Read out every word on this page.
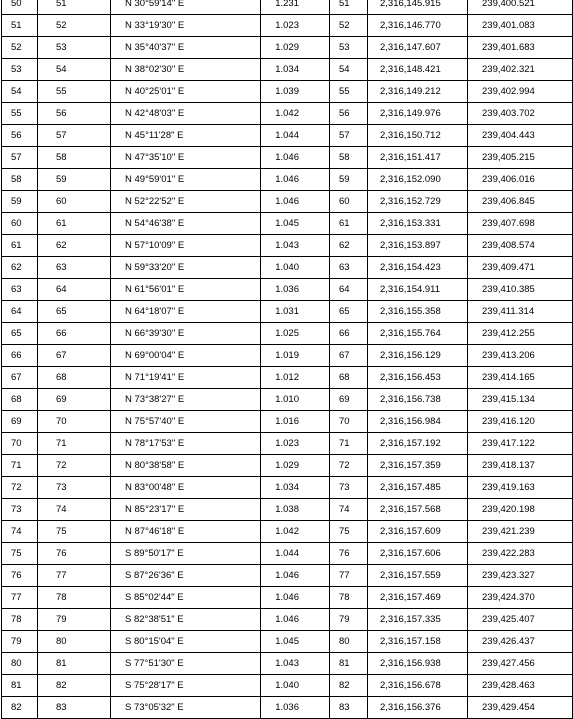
50	51	N 30°59'14" E	1.231	51	2,316,145.915	239,400.521
51	52	N 33°19'30" E	1.023	52	2,316,146.770	239,401.083
52	53	N 35°40'37" E	1.029	53	2,316,147.607	239,401.683
53	54	N 38°02'30" E	1.034	54	2,316,148.421	239,402.321
54	55	N 40°25'01" E	1.039	55	2,316,149.212	239,402.994
55	56	N 42°48'03" E	1.042	56	2,316,149.976	239,403.702
56	57	N 45°11'28" E	1.044	57	2,316,150.712	239,404.443
57	58	N 47°35'10" E	1.046	58	2,316,151.417	239,405.215
58	59	N 49°59'01" E	1.046	59	2,316,152.090	239,406.016
59	60	N 52°22'52" E	1.046	60	2,316,152.729	239,406.845
60	61	N 54°46'38" E	1.045	61	2,316,153.331	239,407.698
61	62	N 57°10'09" E	1.043	62	2,316,153.897	239,408.574
62	63	N 59°33'20" E	1.040	63	2,316,154.423	239,409.471
63	64	N 61°56'01" E	1.036	64	2,316,154.911	239,410.385
64	65	N 64°18'07" E	1.031	65	2,316,155.358	239,411.314
65	66	N 66°39'30" E	1.025	66	2,316,155.764	239,412.255
66	67	N 69°00'04" E	1.019	67	2,316,156.129	239,413.206
67	68	N 71°19'41" E	1.012	68	2,316,156.453	239,414.165
68	69	N 73°38'27" E	1.010	69	2,316,156.738	239,415.134
69	70	N 75°57'40" E	1.016	70	2,316,156.984	239,416.120
70	71	N 78°17'53" E	1.023	71	2,316,157.192	239,417.122
71	72	N 80°38'58" E	1.029	72	2,316,157.359	239,418.137
72	73	N 83°00'48" E	1.034	73	2,316,157.485	239,419.163
73	74	N 85°23'17" E	1.038	74	2,316,157.568	239,420.198
74	75	N 87°46'18" E	1.042	75	2,316,157.609	239,421.239
75	76	S 89°50'17" E	1.044	76	2,316,157.606	239,422.283
76	77	S 87°26'36" E	1.046	77	2,316,157.559	239,423.327
77	78	S 85°02'44" E	1.046	78	2,316,157.469	239,424.370
78	79	S 82°38'51" E	1.046	79	2,316,157.335	239,425.407
79	80	S 80°15'04" E	1.045	80	2,316,157.158	239,426.437
80	81	S 77°51'30" E	1.043	81	2,316,156.938	239,427.456
81	82	S 75°28'17" E	1.040	82	2,316,156.678	239,428.463
82	83	S 73°05'32" E	1.036	83	2,316,156.376	239,429.454
